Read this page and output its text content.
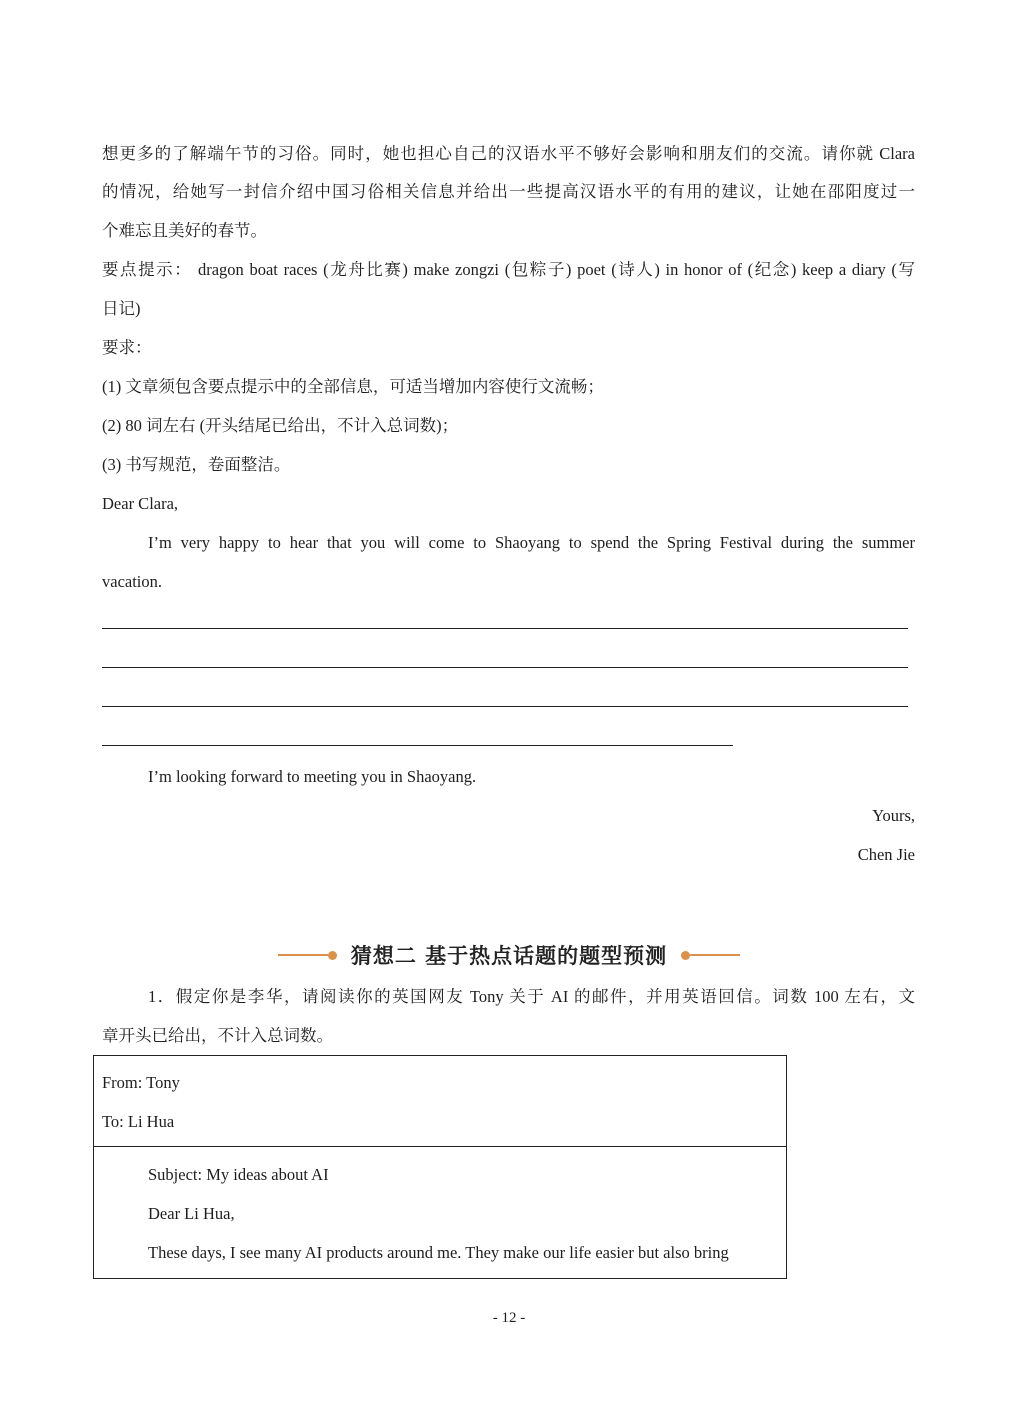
想更多的了解端午节的习俗。同时，她也担心自己的汉语水平不够好会影响和朋友们的交流。请你就 Clara
的情况，给她写一封信介绍中国习俗相关信息并给出一些提高汉语水平的有用的建议，让她在邵阳度过一
个难忘且美好的春节。
要点提示： dragon boat races (龙舟比赛) make zongzi (包粽子) poet (诗人) in honor of (纪念) keep a diary (写
日记)
要求：
(1) 文章须包含要点提示中的全部信息，可适当增加内容使行文流畅；
(2) 80 词左右 (开头结尾已给出，不计入总词数)；
(3) 书写规范，卷面整洁。
Dear Clara,
I’m very happy to hear that you will come to Shaoyang to spend the Spring Festival during the summer
vacation.
I’m looking forward to meeting you in Shaoyang.
Yours,
Chen Jie
猜想二 基于热点话题的题型预测
1．假定你是李华，请阅读你的英国网友 Tony 关于 AI 的邮件，并用英语回信。词数 100 左右，文
章开头已给出，不计入总词数。
From: Tony
To: Li Hua
Subject: My ideas about AI
Dear Li Hua,
These days, I see many AI products around me. They make our life easier but also bring
- 12 -
